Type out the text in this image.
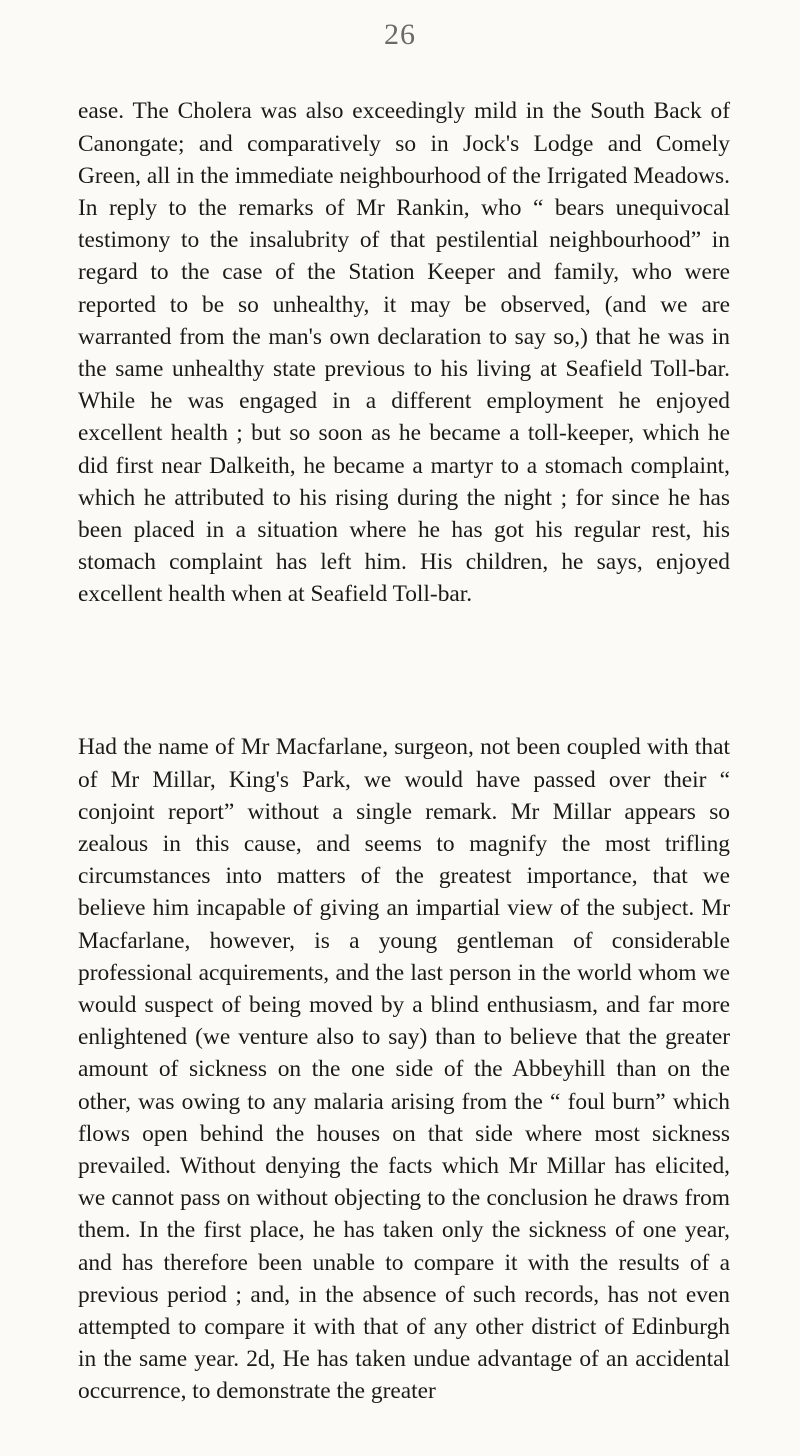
26

ease. The Cholera was also exceedingly mild in the South Back of Canongate; and comparatively so in Jock's Lodge and Comely Green, all in the immediate neighbourhood of the Irrigated Meadows. In reply to the remarks of Mr Rankin, who “ bears unequivocal testimony to the insalubrity of that pestilential neighbourhood” in regard to the case of the Station Keeper and family, who were reported to be so unhealthy, it may be observed, (and we are warranted from the man's own declaration to say so,) that he was in the same unhealthy state previous to his living at Seafield Toll-bar. While he was engaged in a different employment he enjoyed excellent health ; but so soon as he became a toll-keeper, which he did first near Dalkeith, he became a martyr to a stomach complaint, which he attributed to his rising during the night ; for since he has been placed in a situation where he has got his regular rest, his stomach complaint has left him. His children, he says, enjoyed excellent health when at Seafield Toll-bar.

Had the name of Mr Macfarlane, surgeon, not been coupled with that of Mr Millar, King's Park, we would have passed over their “ conjoint report” without a single remark. Mr Millar appears so zealous in this cause, and seems to magnify the most trifling circumstances into matters of the greatest importance, that we believe him incapable of giving an impartial view of the subject. Mr Macfarlane, however, is a young gentleman of considerable professional acquirements, and the last person in the world whom we would suspect of being moved by a blind enthusiasm, and far more enlightened (we venture also to say) than to believe that the greater amount of sickness on the one side of the Abbeyhill than on the other, was owing to any malaria arising from the “ foul burn” which flows open behind the houses on that side where most sickness prevailed. Without denying the facts which Mr Millar has elicited, we cannot pass on without objecting to the conclusion he draws from them. In the first place, he has taken only the sickness of one year, and has therefore been unable to compare it with the results of a previous period ; and, in the absence of such records, has not even attempted to compare it with that of any other district of Edinburgh in the same year. 2d, He has taken undue advantage of an accidental occurrence, to demonstrate the greater
